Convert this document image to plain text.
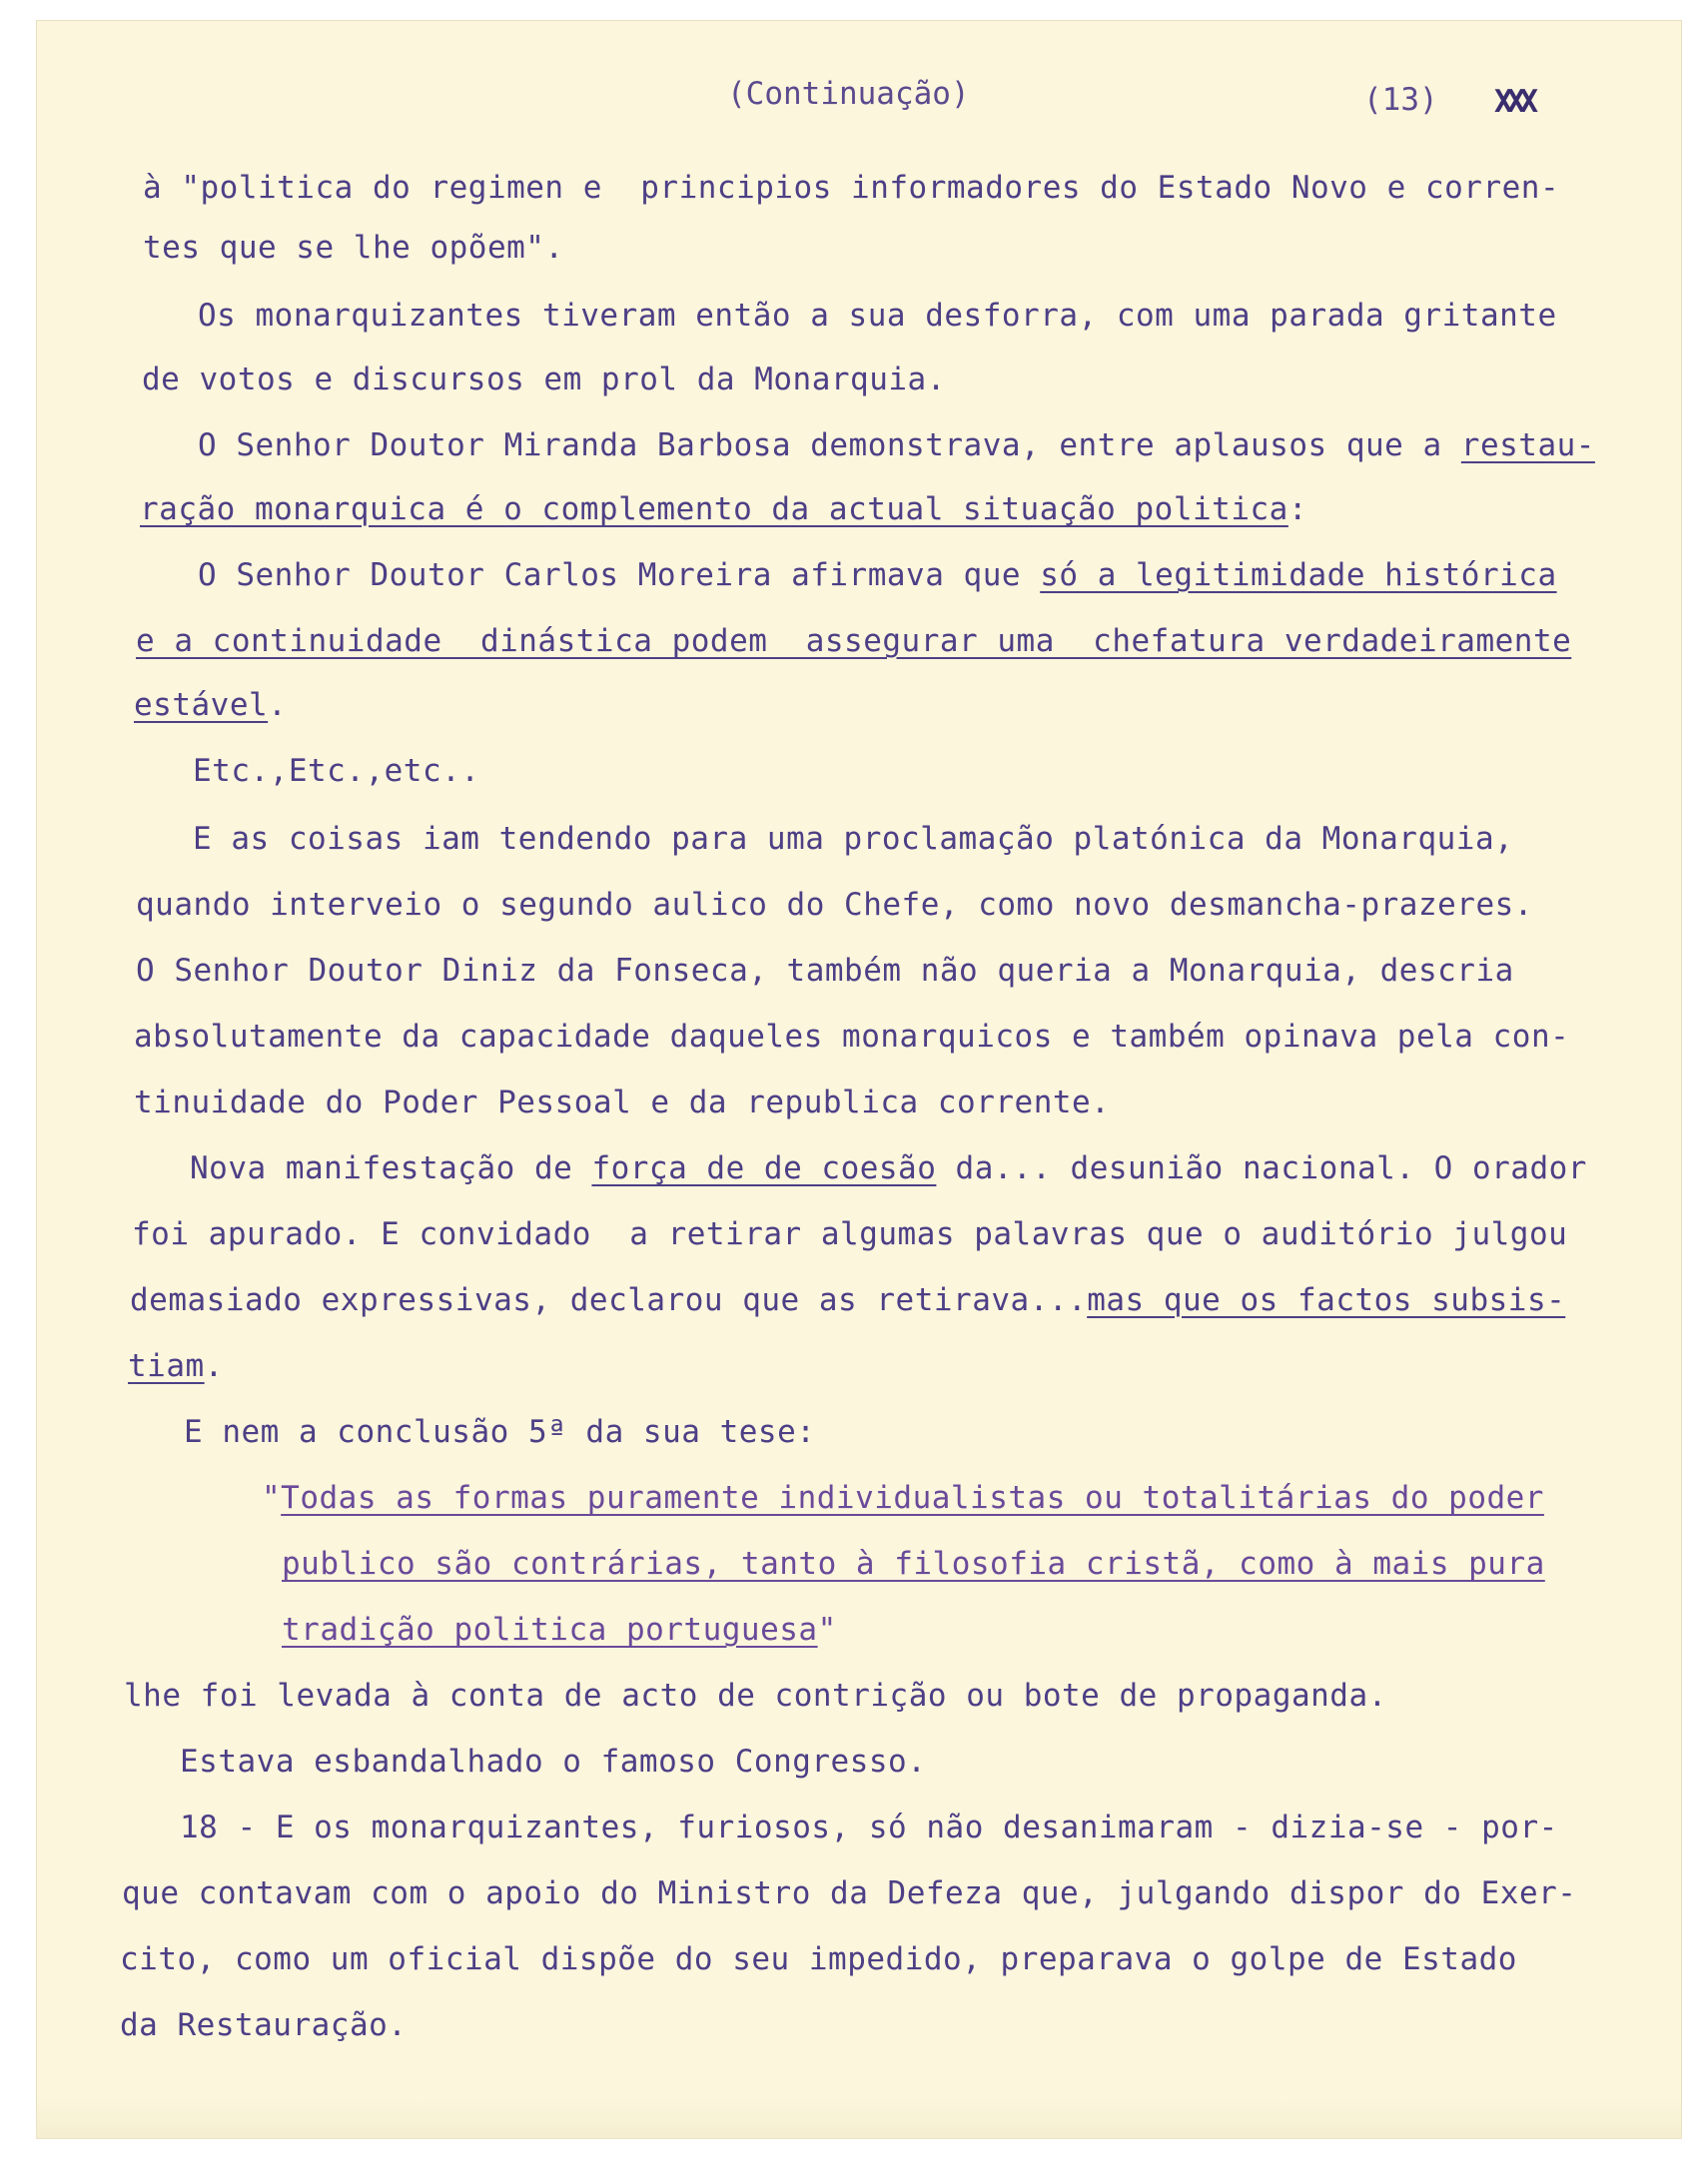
(Continuação)	(13) XXX
à "politica do regimen e  principios informadores do Estado Novo e corren-
tes que se lhe opõem".
Os monarquizantes tiveram então a sua desforra, com uma parada gritante
de votos e discursos em prol da Monarquia.
O Senhor Doutor Miranda Barbosa demonstrava, entre aplausos que a restau-
ração monarquica é o complemento da actual situação politica:
O Senhor Doutor Carlos Moreira afirmava que só a legitimidade histórica
e a continuidade  dinástica podem  assegurar uma  chefatura verdadeiramente
estável.
Etc.,Etc.,etc..
E as coisas iam tendendo para uma proclamação platónica da Monarquia,
quando interveio o segundo aulico do Chefe, como novo desmancha-prazeres.
O Senhor Doutor Diniz da Fonseca, também não queria a Monarquia, descria
absolutamente da capacidade daqueles monarquicos e também opinava pela con-
tinuidade do Poder Pessoal e da republica corrente.
Nova manifestação de força de de coesão da... desunião nacional. O orador
foi apurado. E convidado  a retirar algumas palavras que o auditório julgou
demasiado expressivas, declarou que as retirava...mas que os factos subsis-
tiam.
E nem a conclusão 5ª da sua tese:
"Todas as formas puramente individualistas ou totalitárias do poder
publico são contrárias, tanto à filosofia cristã, como à mais pura
tradição politica portuguesa"
lhe foi levada à conta de acto de contrição ou bote de propaganda.
Estava esbandalhado o famoso Congresso.
18 - E os monarquizantes, furiosos, só não desanimaram - dizia-se - por-
que contavam com o apoio do Ministro da Defeza que, julgando dispor do Exer-
cito, como um oficial dispõe do seu impedido, preparava o golpe de Estado
da Restauração.
